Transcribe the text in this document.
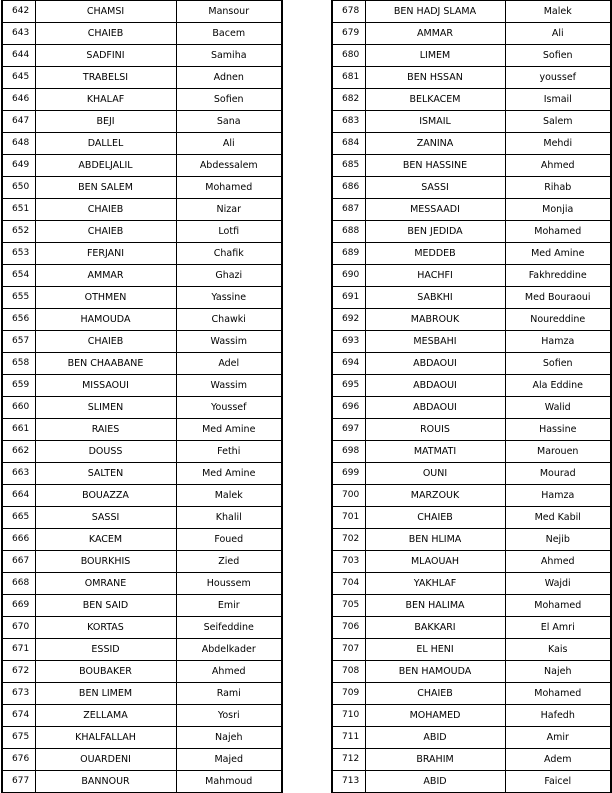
642	CHAMSI	Mansour
643	CHAIEB	Bacem
644	SADFINI	Samiha
645	TRABELSI	Adnen
646	KHALAF	Sofien
647	BEJI	Sana
648	DALLEL	Ali
649	ABDELJALIL	Abdessalem
650	BEN SALEM	Mohamed
651	CHAIEB	Nizar
652	CHAIEB	Lotfi
653	FERJANI	Chafik
654	AMMAR	Ghazi
655	OTHMEN	Yassine
656	HAMOUDA	Chawki
657	CHAIEB	Wassim
658	BEN CHAABANE	Adel
659	MISSAOUI	Wassim
660	SLIMEN	Youssef
661	RAIES	Med Amine
662	DOUSS	Fethi
663	SALTEN	Med Amine
664	BOUAZZA	Malek
665	SASSI	Khalil
666	KACEM	Foued
667	BOURKHIS	Zied
668	OMRANE	Houssem
669	BEN SAID	Emir
670	KORTAS	Seifeddine
671	ESSID	Abdelkader
672	BOUBAKER	Ahmed
673	BEN LIMEM	Rami
674	ZELLAMA	Yosri
675	KHALFALLAH	Najeh
676	OUARDENI	Majed
677	BANNOUR	Mahmoud
678	BEN HADJ SLAMA	Malek
679	AMMAR	Ali
680	LIMEM	Sofien
681	BEN HSSAN	youssef
682	BELKACEM	Ismail
683	ISMAIL	Salem
684	ZANINA	Mehdi
685	BEN HASSINE	Ahmed
686	SASSI	Rihab
687	MESSAADI	Monjia
688	BEN JEDIDA	Mohamed
689	MEDDEB	Med Amine
690	HACHFI	Fakhreddine
691	SABKHI	Med Bouraoui
692	MABROUK	Noureddine
693	MESBAHI	Hamza
694	ABDAOUI	Sofien
695	ABDAOUI	Ala Eddine
696	ABDAOUI	Walid
697	ROUIS	Hassine
698	MATMATI	Marouen
699	OUNI	Mourad
700	MARZOUK	Hamza
701	CHAIEB	Med Kabil
702	BEN HLIMA	Nejib
703	MLAOUAH	Ahmed
704	YAKHLAF	Wajdi
705	BEN HALIMA	Mohamed
706	BAKKARI	El Amri
707	EL HENI	Kais
708	BEN HAMOUDA	Najeh
709	CHAIEB	Mohamed
710	MOHAMED	Hafedh
711	ABID	Amir
712	BRAHIM	Adem
713	ABID	Faicel
